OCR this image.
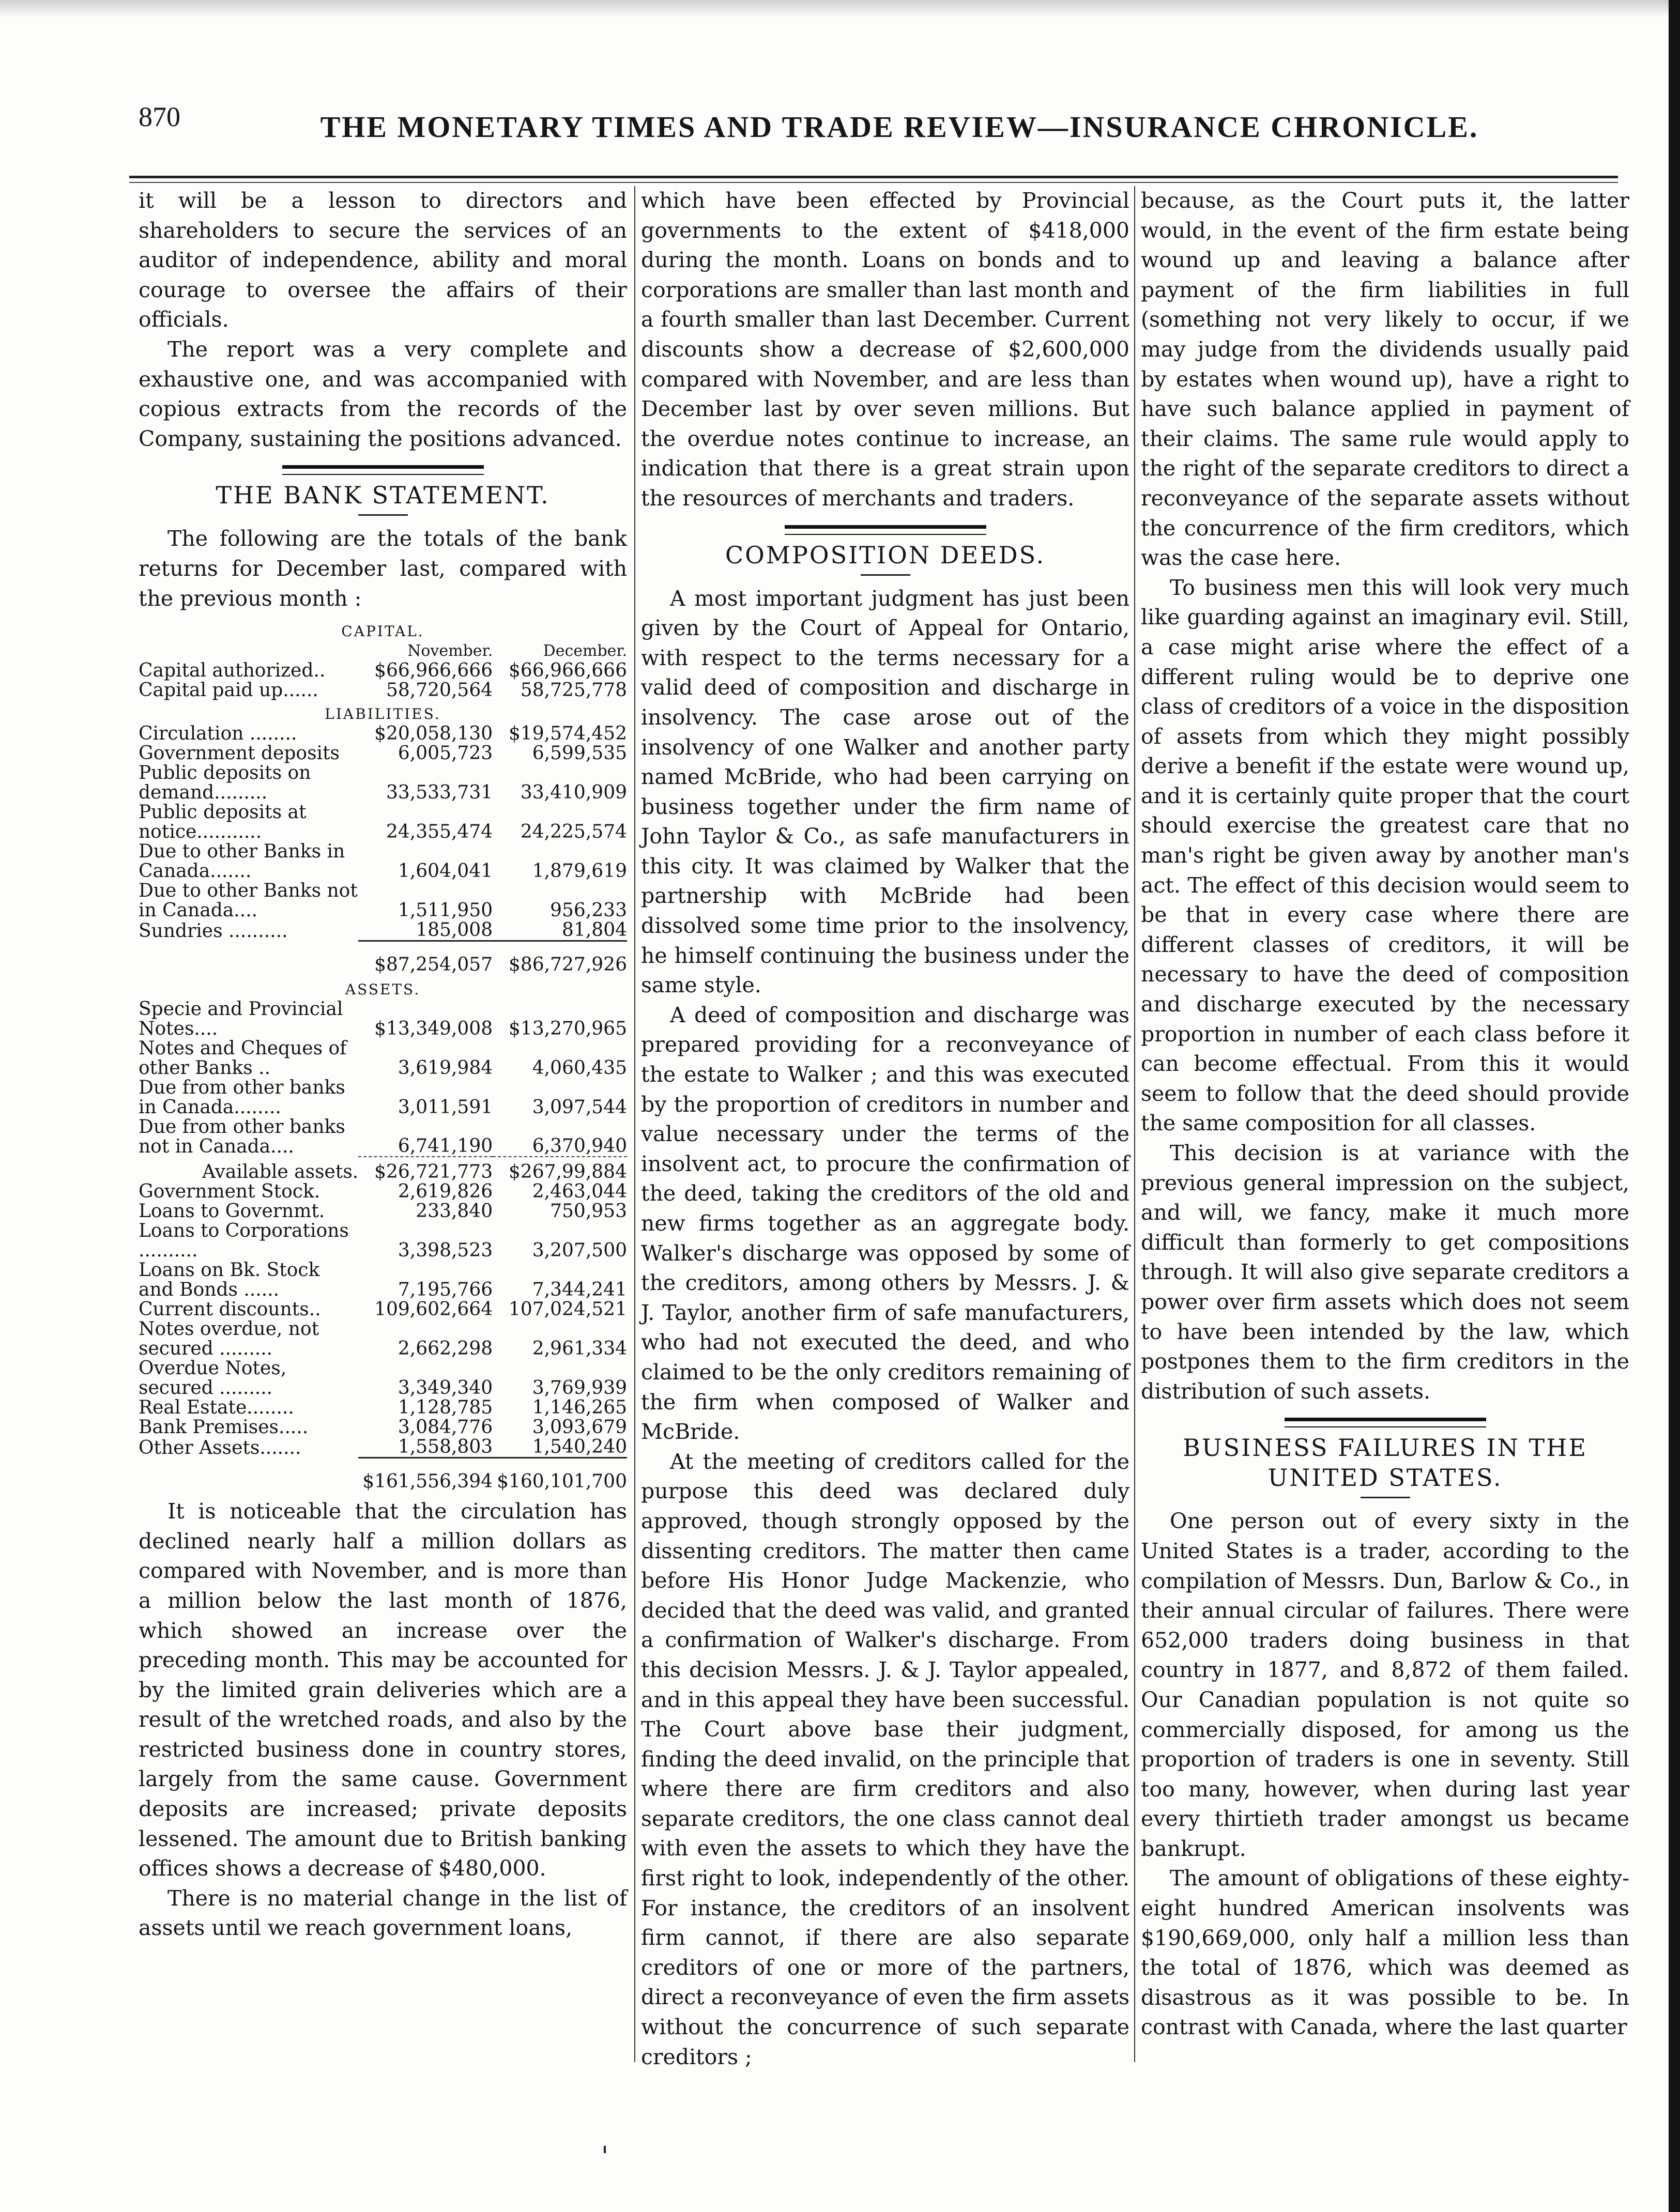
870	THE MONETARY TIMES AND TRADE REVIEW—INSURANCE CHRONICLE.

it will be a lesson to directors and shareholders to secure the services of an auditor of independence, ability and moral courage to oversee the affairs of their officials.

The report was a very complete and exhaustive one, and was accompanied with copious extracts from the records of the Company, sustaining the positions advanced.

THE BANK STATEMENT.

The following are the totals of the bank returns for December last, compared with the previous month :

CAPITAL.		
	November.	December.
Capital authorized..	$66,966,666	$66,966,666
Capital paid up......	58,720,564	58,725,778
LIABILITIES.		
Circulation ........	$20,058,130	$19,574,452
Government deposits	6,005,723	6,599,535
Public deposits on demand.........	33,533,731	33,410,909
Public deposits at notice...........	24,355,474	24,225,574
Due to other Banks in Canada.......	1,604,041	1,879,619
Due to other Banks not in Canada....	1,511,950	956,233
Sundries ..........	185,008	81,804
	$87,254,057	$86,727,926
ASSETS.		
Specie and Provincial Notes....	$13,349,008	$13,270,965
Notes and Cheques of other Banks ..	3,619,984	4,060,435
Due from other banks in Canada........	3,011,591	3,097,544
Due from other banks not in Canada....	6,741,190	6,370,940
Available assets.	$26,721,773	$267,99,884
Government Stock.	2,619,826	2,463,044
Loans to Governmt.	233,840	750,953
Loans to Corporations ..........	3,398,523	3,207,500
Loans on Bk. Stock and Bonds ......	7,195,766	7,344,241
Current discounts..	109,602,664	107,024,521
Notes overdue, not secured .........	2,662,298	2,961,334
Overdue Notes, secured .........	3,349,340	3,769,939
Real Estate........	1,128,785	1,146,265
Bank Premises.....	3,084,776	3,093,679
Other Assets.......	1,558,803	1,540,240
	$161,556,394	$160,101,700

It is noticeable that the circulation has declined nearly half a million dollars as compared with November, and is more than a million below the last month of 1876, which showed an increase over the preceding month. This may be accounted for by the limited grain deliveries which are a result of the wretched roads, and also by the restricted business done in country stores, largely from the same cause. Government deposits are increased; private deposits lessened. The amount due to British banking offices shows a decrease of $480,000.

There is no material change in the list of assets until we reach government loans,

which have been effected by Provincial governments to the extent of $418,000 during the month. Loans on bonds and to corporations are smaller than last month and a fourth smaller than last December. Current discounts show a decrease of $2,600,000 compared with November, and are less than December last by over seven millions. But the overdue notes continue to increase, an indication that there is a great strain upon the resources of merchants and traders.

COMPOSITION DEEDS.

A most important judgment has just been given by the Court of Appeal for Ontario, with respect to the terms necessary for a valid deed of composition and discharge in insolvency. The case arose out of the insolvency of one Walker and another party named McBride, who had been carrying on business together under the firm name of John Taylor & Co., as safe manufacturers in this city. It was claimed by Walker that the partnership with McBride had been dissolved some time prior to the insolvency, he himself continuing the business under the same style.

A deed of composition and discharge was prepared providing for a reconveyance of the estate to Walker ; and this was executed by the proportion of creditors in number and value necessary under the terms of the insolvent act, to procure the confirmation of the deed, taking the creditors of the old and new firms together as an aggregate body. Walker's discharge was opposed by some of the creditors, among others by Messrs. J. & J. Taylor, another firm of safe manufacturers, who had not executed the deed, and who claimed to be the only creditors remaining of the firm when composed of Walker and McBride.

At the meeting of creditors called for the purpose this deed was declared duly approved, though strongly opposed by the dissenting creditors. The matter then came before His Honor Judge Mackenzie, who decided that the deed was valid, and granted a confirmation of Walker's discharge. From this decision Messrs. J. & J. Taylor appealed, and in this appeal they have been successful. The Court above base their judgment, finding the deed invalid, on the principle that where there are firm creditors and also separate creditors, the one class cannot deal with even the assets to which they have the first right to look, independently of the other. For instance, the creditors of an insolvent firm cannot, if there are also separate creditors of one or more of the partners, direct a reconveyance of even the firm assets without the concurrence of such separate creditors ;

because, as the Court puts it, the latter would, in the event of the firm estate being wound up and leaving a balance after payment of the firm liabilities in full (something not very likely to occur, if we may judge from the dividends usually paid by estates when wound up), have a right to have such balance applied in payment of their claims. The same rule would apply to the right of the separate creditors to direct a reconveyance of the separate assets without the concurrence of the firm creditors, which was the case here.

To business men this will look very much like guarding against an imaginary evil. Still, a case might arise where the effect of a different ruling would be to deprive one class of creditors of a voice in the disposition of assets from which they might possibly derive a benefit if the estate were wound up, and it is certainly quite proper that the court should exercise the greatest care that no man's right be given away by another man's act. The effect of this decision would seem to be that in every case where there are different classes of creditors, it will be necessary to have the deed of composition and discharge executed by the necessary proportion in number of each class before it can become effectual. From this it would seem to follow that the deed should provide the same composition for all classes.

This decision is at variance with the previous general impression on the subject, and will, we fancy, make it much more difficult than formerly to get compositions through. It will also give separate creditors a power over firm assets which does not seem to have been intended by the law, which postpones them to the firm creditors in the distribution of such assets.

BUSINESS FAILURES IN THE
UNITED STATES.

One person out of every sixty in the United States is a trader, according to the compilation of Messrs. Dun, Barlow & Co., in their annual circular of failures. There were 652,000 traders doing business in that country in 1877, and 8,872 of them failed. Our Canadian population is not quite so commercially disposed, for among us the proportion of traders is one in seventy. Still too many, however, when during last year every thirtieth trader amongst us became bankrupt.

The amount of obligations of these eighty-eight hundred American insolvents was $190,669,000, only half a million less than the total of 1876, which was deemed as disastrous as it was possible to be. In contrast with Canada, where the last quarter
